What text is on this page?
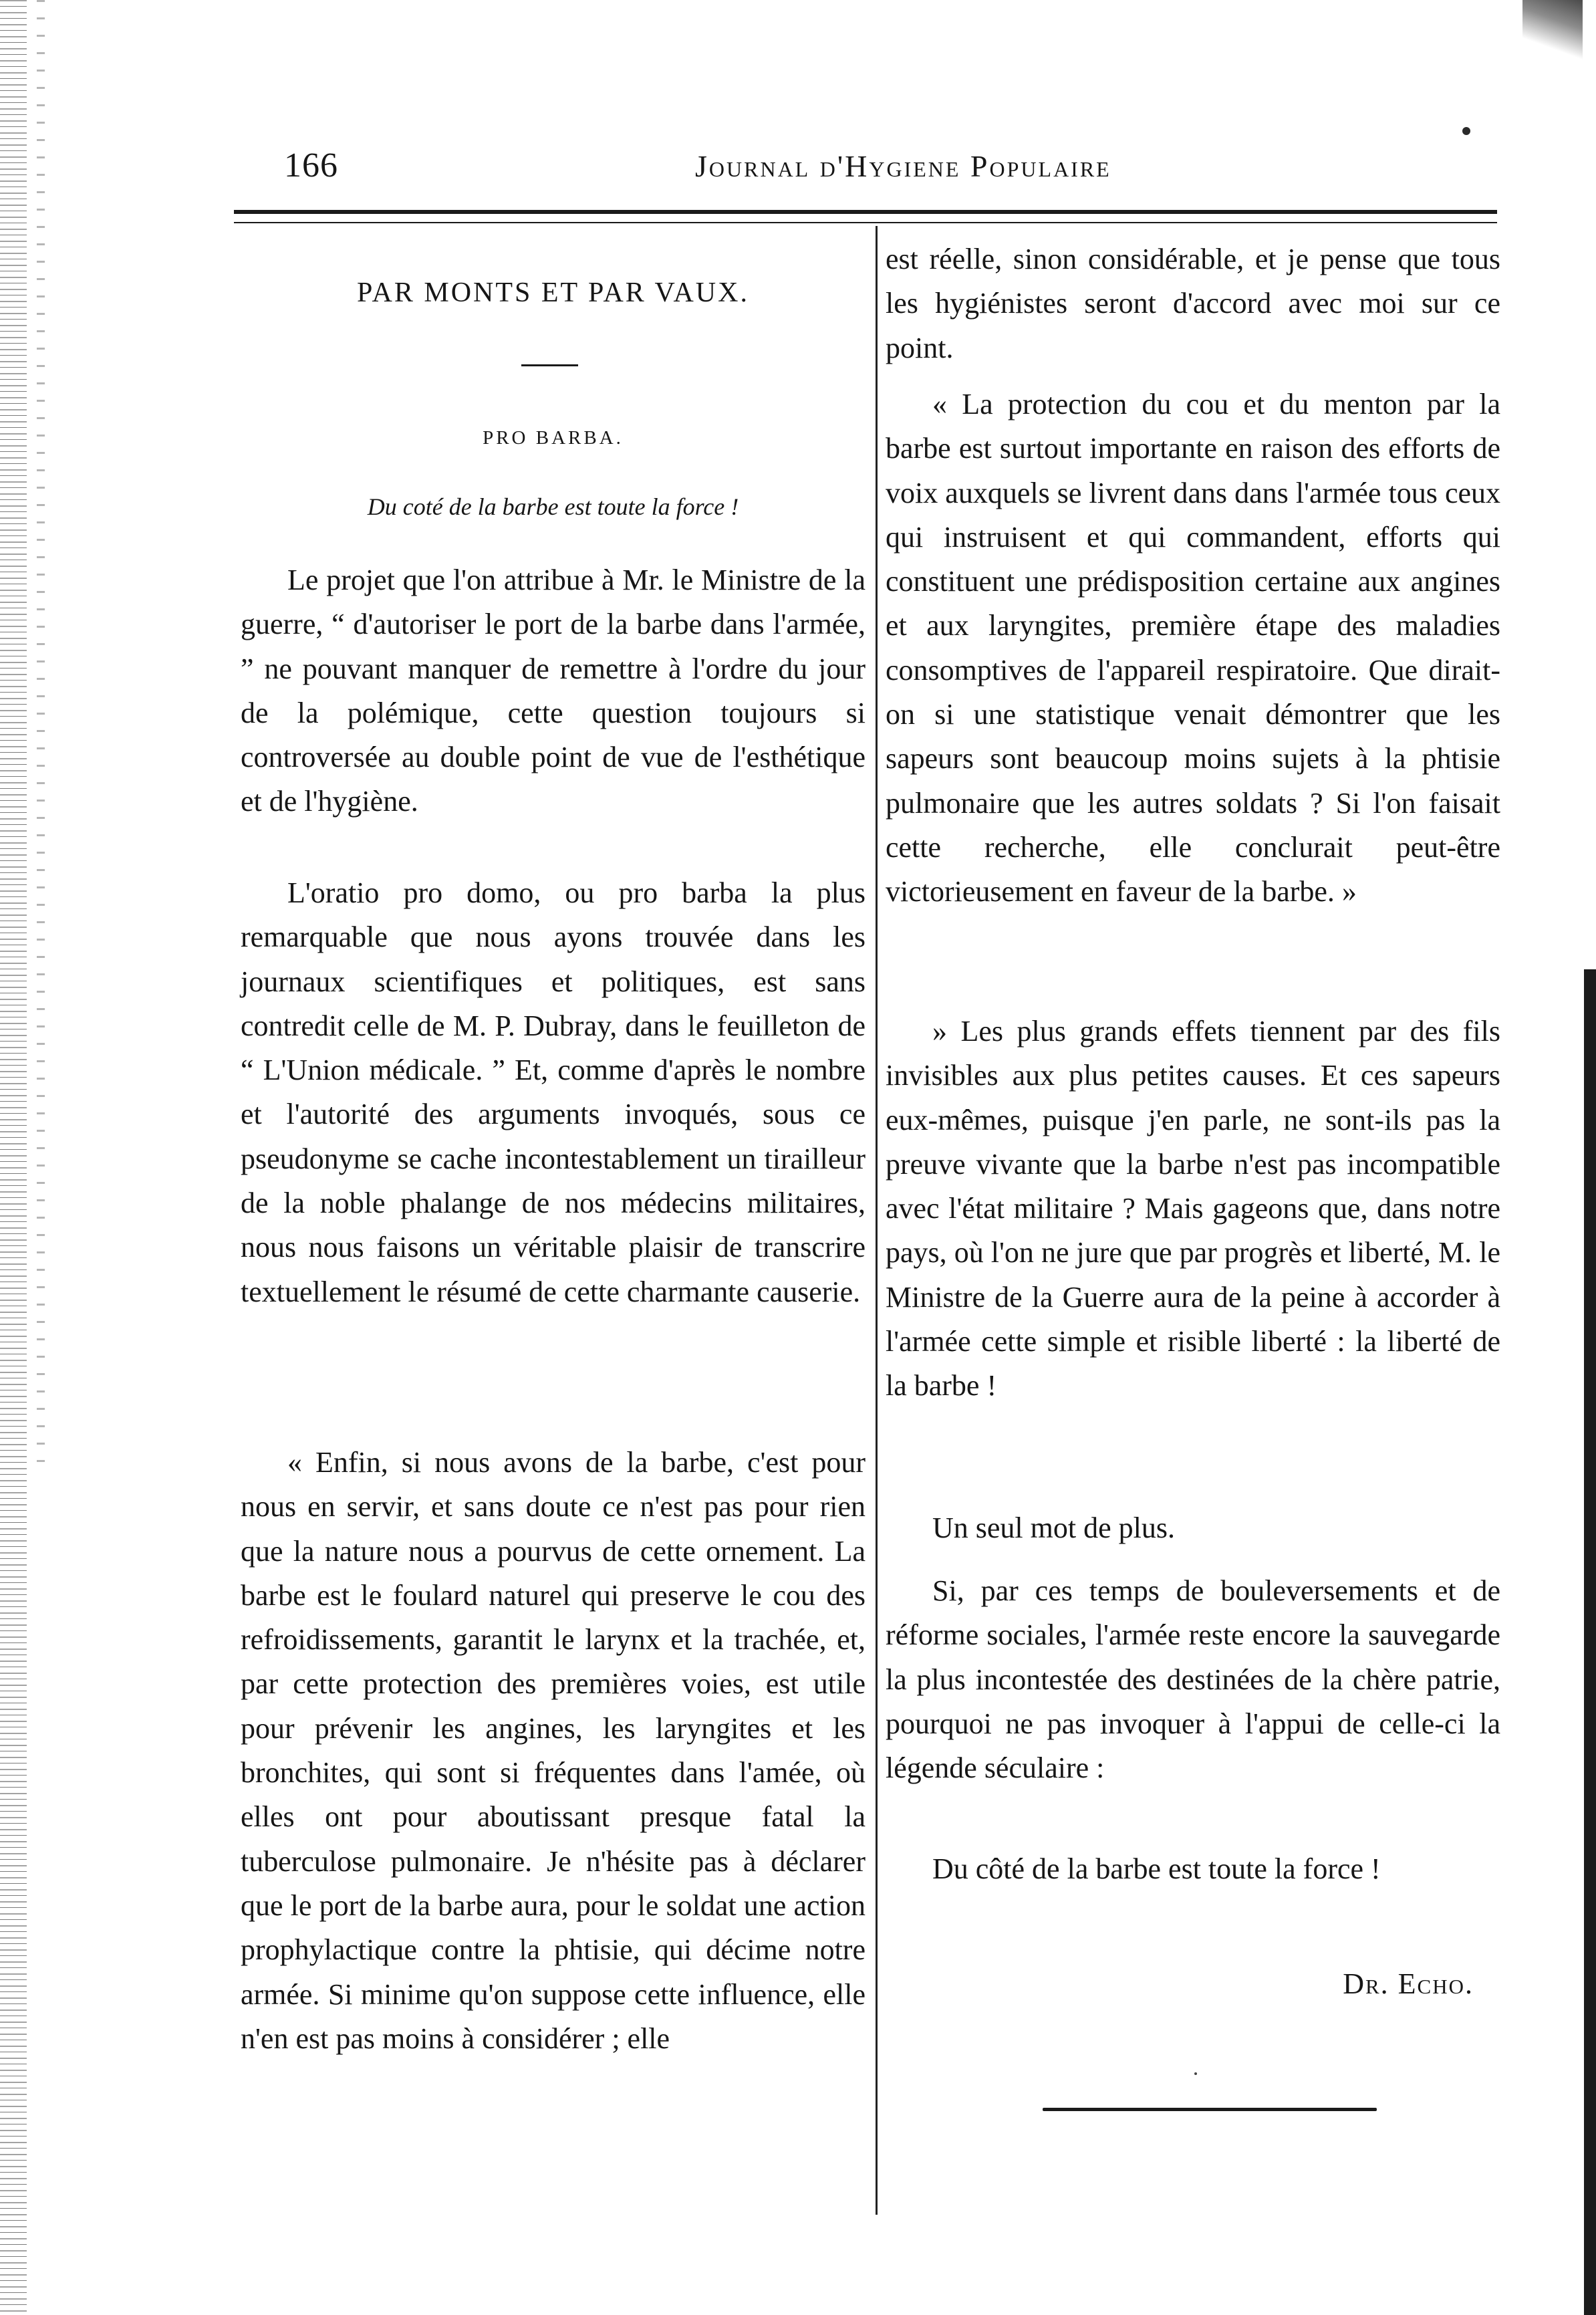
166	Journal d'Hygiene Populaire
PAR MONTS ET PAR VAUX.
PRO BARBA.
Du coté de la barbe est toute la force !

Le projet que l'on attribue à Mr. le Ministre de la guerre, “ d'autoriser le port de la barbe dans l'armée, ” ne pouvant manquer de remettre à l'ordre du jour de la polémique, cette question toujours si controversée au double point de vue de l'esthétique et de l'hygiène.

L'oratio pro domo, ou pro barba la plus remarquable que nous ayons trouvée dans les journaux scientifiques et politiques, est sans contredit celle de M. P. Dubray, dans le feuilleton de “ L'Union médicale. ” Et, comme d'après le nombre et l'autorité des arguments invoqués, sous ce pseudonyme se cache incontestablement un tirailleur de la noble phalange de nos médecins militaires, nous nous faisons un véritable plaisir de transcrire textuellement le résumé de cette charmante causerie.

« Enfin, si nous avons de la barbe, c'est pour nous en servir, et sans doute ce n'est pas pour rien que la nature nous a pourvus de cette ornement. La barbe est le foulard naturel qui preserve le cou des refroidissements, garantit le larynx et la trachée, et, par cette protection des premières voies, est utile pour prévenir les angines, les laryngites et les bronchites, qui sont si fréquentes dans l'amée, où elles ont pour aboutissant presque fatal la tuberculose pulmonaire. Je n'hésite pas à déclarer que le port de la barbe aura, pour le soldat une action prophylactique contre la phtisie, qui décime notre armée. Si minime qu'on suppose cette influence, elle n'en est pas moins à considérer ; elle

est réelle, sinon considérable, et je pense que tous les hygiénistes seront d'accord avec moi sur ce point.

« La protection du cou et du menton par la barbe est surtout importante en raison des efforts de voix auxquels se livrent dans dans l'armée tous ceux qui instruisent et qui commandent, efforts qui constituent une prédisposition certaine aux angines et aux laryngites, première étape des maladies consomptives de l'appareil respiratoire. Que dirait-on si une statistique venait démontrer que les sapeurs sont beaucoup moins sujets à la phtisie pulmonaire que les autres soldats ? Si l'on faisait cette recherche, elle conclurait peut-être victorieusement en faveur de la barbe. »

» Les plus grands effets tiennent par des fils invisibles aux plus petites causes. Et ces sapeurs eux-mêmes, puisque j'en parle, ne sont-ils pas la preuve vivante que la barbe n'est pas incompatible avec l'état militaire ? Mais gageons que, dans notre pays, où l'on ne jure que par progrès et liberté, M. le Ministre de la Guerre aura de la peine à accorder à l'armée cette simple et risible liberté : la liberté de la barbe !

Un seul mot de plus.

Si, par ces temps de bouleversements et de réforme sociales, l'armée reste encore la sauvegarde la plus incontestée des destinées de la chère patrie, pourquoi ne pas invoquer à l'appui de celle-ci la légende séculaire :

Du côté de la barbe est toute la force !

Dr. Echo.
